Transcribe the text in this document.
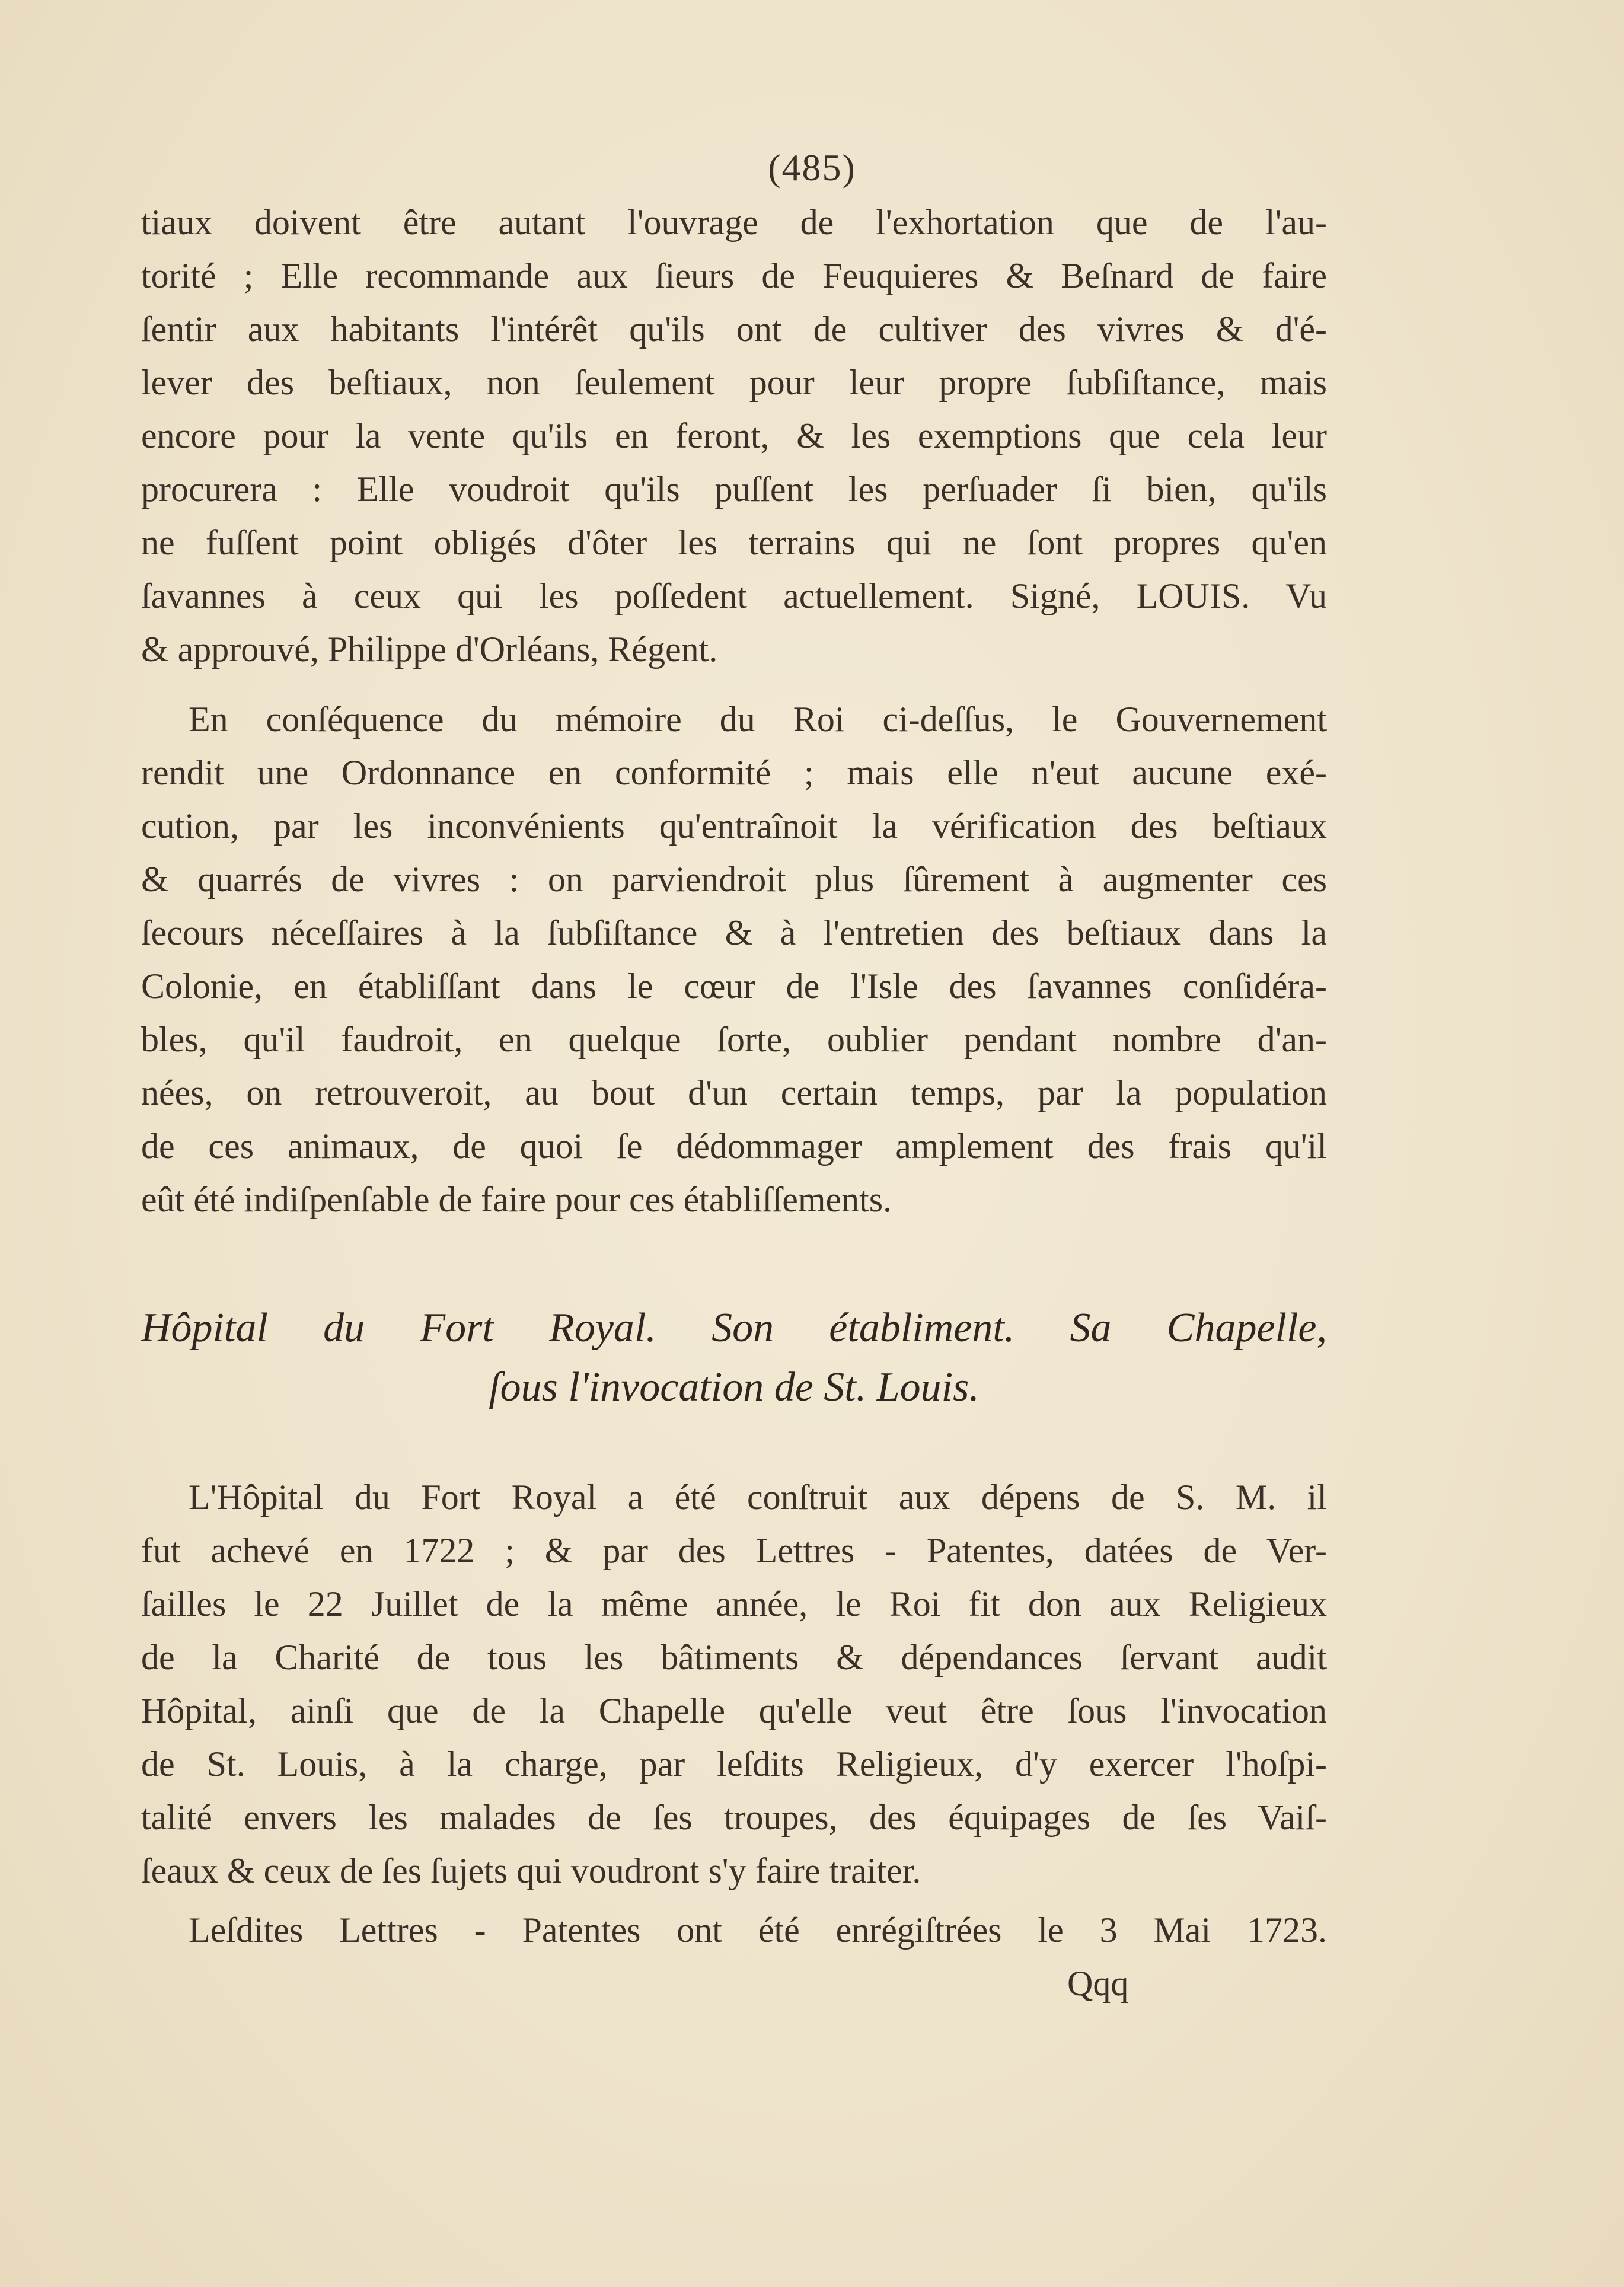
(485)
tiaux doivent être autant l'ouvrage de l'exhortation que de l'au-
torité ; Elle recommande aux ſieurs de Feuquieres & Beſnard de faire
ſentir aux habitants l'intérêt qu'ils ont de cultiver des vivres & d'é-
lever des beſtiaux, non ſeulement pour leur propre ſubſiſtance, mais
encore pour la vente qu'ils en feront, & les exemptions que cela leur
procurera : Elle voudroit qu'ils puſſent les perſuader ſi bien, qu'ils
ne fuſſent point obligés d'ôter les terrains qui ne ſont propres qu'en
ſavannes à ceux qui les poſſedent actuellement. Signé, LOUIS. Vu
& approuvé, Philippe d'Orléans, Régent.
En conſéquence du mémoire du Roi ci-deſſus, le Gouvernement
rendit une Ordonnance en conformité ; mais elle n'eut aucune exé-
cution, par les inconvénients qu'entraînoit la vérification des beſtiaux
& quarrés de vivres : on parviendroit plus ſûrement à augmenter ces
ſecours néceſſaires à la ſubſiſtance & à l'entretien des beſtiaux dans la
Colonie, en établiſſant dans le cœur de l'Isle des ſavannes conſidéra-
bles, qu'il faudroit, en quelque ſorte, oublier pendant nombre d'an-
nées, on retrouveroit, au bout d'un certain temps, par la population
de ces animaux, de quoi ſe dédommager amplement des frais qu'il
eût été indiſpenſable de faire pour ces établiſſements.
Hôpital du Fort Royal. Son établiment. Sa Chapelle,
ſous l'invocation de St. Louis.
L'Hôpital du Fort Royal a été conſtruit aux dépens de S. M. il
fut achevé en 1722 ; & par des Lettres - Patentes, datées de Ver-
ſailles le 22 Juillet de la même année, le Roi fit don aux Religieux
de la Charité de tous les bâtiments & dépendances ſervant audit
Hôpital, ainſi que de la Chapelle qu'elle veut être ſous l'invocation
de St. Louis, à la charge, par leſdits Religieux, d'y exercer l'hoſpi-
talité envers les malades de ſes troupes, des équipages de ſes Vaiſ-
ſeaux & ceux de ſes ſujets qui voudront s'y faire traiter.
Leſdites Lettres - Patentes ont été enrégiſtrées le 3 Mai 1723.
Qqq
